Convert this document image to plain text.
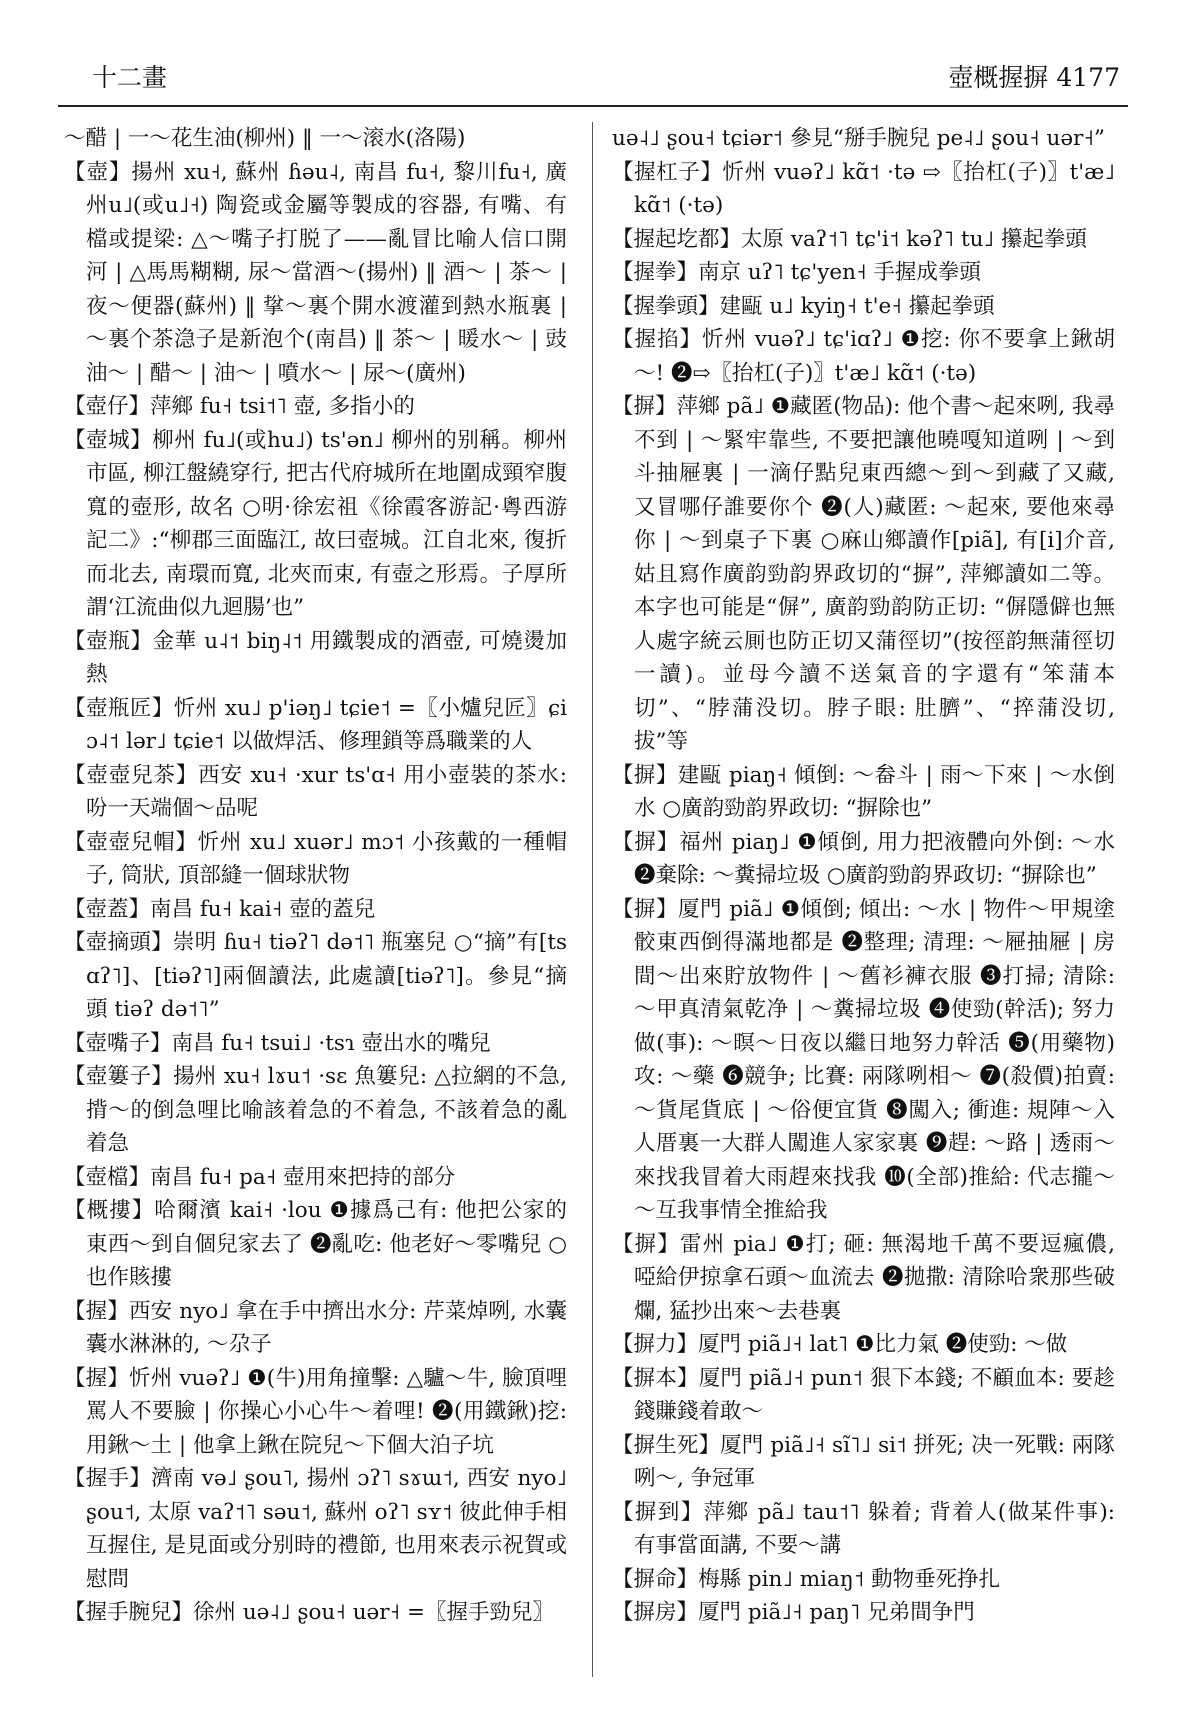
十二畫	壺概握摒 4177
～醋 | 一～花生油(柳州) ‖ 一～滚水(洛陽)
【壺】揚州 xu˧, 蘇州 ɦəu˨, 南昌 fu˧, 黎川fu˧, 廣州u˩(或u˩˧) 陶瓷或金屬等製成的容器, 有嘴、有檔或提梁: △～嘴子打脱了——亂冒比喻人信口開河 | △馬馬糊糊, 尿～當酒～(揚州) ‖ 酒～ | 茶～ | 夜～便器(蘇州) ‖ 㧳～裏个開水渡灌到熱水瓶裏 | ～裏个茶㴔子是新泡个(南昌) ‖ 茶～ | 暖水～ | 豉油～ | 醋～ | 油～ | 噴水～ | 尿～(廣州)
【壺仔】萍鄉 fu˧ tsi˦˥ 壺, 多指小的
【壺城】柳州 fu˩(或hu˩) ts'ən˩ 柳州的别稱。柳州市區, 柳江盤繞穿行, 把古代府城所在地圍成頸窄腹寬的壺形, 故名 ○明·徐宏祖《徐霞客游記·粵西游記二》:“柳郡三面臨江, 故曰壺城。江自北來, 復折而北去, 南環而寬, 北夾而束, 有壺之形焉。子厚所謂‘江流曲似九迴腸’也”
【壺瓶】金華 u˨˦ biŋ˨˦ 用鐵製成的酒壺, 可燒燙加熱
【壺瓶匠】忻州 xu˩ p'iəŋ˩ tɕie˦ =〖小爐兒匠〗ɕiɔ˨˦ lər˩ tɕie˦ 以做焊活、修理鎖等爲職業的人
【壺壺兒茶】西安 xu˧ ·xur ts'ɑ˧ 用小壺裝的茶水: 吩一天端個～品呢
【壺壺兒帽】忻州 xu˩ xuər˩ mɔ˦ 小孩戴的一種帽子, 筒狀, 頂部縫一個球狀物
【壺蓋】南昌 fu˧ kai˧ 壺的蓋兒
【壺摘頭】崇明 ɦu˧ tiəʔ˥ də˦˥ 瓶塞兒 ○“摘”有[tsɑʔ˥]、[tiəʔ˥]兩個讀法, 此處讀[tiəʔ˥]。參見“摘頭 tiəʔ də˦˥”
【壺嘴子】南昌 fu˧ tsui˩ ·tsɿ 壺出水的嘴兒
【壺簍子】揚州 xu˧ lɤu˦ ·sɛ 魚簍兒: △拉網的不急, 揹～的倒急哩比喻該着急的不着急, 不該着急的亂着急
【壺檔】南昌 fu˧ pa˧ 壺用來把持的部分
【概摟】哈爾濱 kai˧ ·lou ❶據爲己有: 他把公家的東西～到自個兒家去了 ❷亂吃: 他老好～零嘴兒 ○也作賅摟
【握】西安 nyo˩ 拿在手中擠出水分: 芹菜焯咧, 水囊囊水淋淋的, ～尕子
【握】忻州 vuəʔ˩ ❶(牛)用角撞擊: △驢～牛, 臉頂哩罵人不要臉 | 你操心小心牛～着哩! ❷(用鐵鍬)挖: 用鍬～土 | 他拿上鍬在院兒～下個大泊子坑
【握手】濟南 və˩ ʂou˥, 揚州 ɔʔ˥ sɤɯ˦, 西安 nyo˩ ʂou˦, 太原 vaʔ˦˥ səu˦, 蘇州 oʔ˥ sʏ˦ 彼此伸手相互握住, 是見面或分别時的禮節, 也用來表示祝賀或慰問
【握手腕兒】徐州 uə˨˩ ʂou˧ uər˧ =〖握手勁兒〗
uə˨˩ ʂou˧ tɕiər˦ 參見“掰手腕兒 pe˨˩ ʂou˧ uər˧”
【握杠子】忻州 vuəʔ˩ kɑ̃˦ ·tə ⇨〖抬杠(子)〗t'æ˩ kɑ̃˦ (·tə)
【握起圪都】太原 vaʔ˦˥ tɕ'i˦ kəʔ˥ tu˩ 攥起拳頭
【握拳】南京 uʔ˥ tɕ'yen˧ 手握成拳頭
【握拳頭】建甌 u˩ kyiŋ˧ t'e˧ 攥起拳頭
【握掐】忻州 vuəʔ˩ tɕ'iɑʔ˩ ❶挖: 你不要拿上鍬胡～! ❷⇨〖抬杠(子)〗t'æ˩ kɑ̃˦ (·tə)
【摒】萍鄉 pã˩ ❶藏匿(物品): 他个書～起來咧, 我尋不到 | ～緊牢靠些, 不要把讓他曉嘎知道咧 | ～到斗抽屜裏 | 一滴仔點兒東西總～到～到藏了又藏, 又冒哪仔誰要你个 ❷(人)藏匿: ～起來, 要他來尋你 | ～到桌子下裏 ○麻山鄉讀作[piã], 有[i]介音, 姑且寫作廣韵勁韵界政切的“摒”, 萍鄉讀如二等。本字也可能是“偋”, 廣韵勁韵防正切: “偋隱僻也無人處字統云厠也防正切又蒲徑切”(按徑韵無蒲徑切一讀)。並母今讀不送氣音的字還有“笨蒲本切”、“脖蒲没切。脖子眼: 肚臍”、“捽蒲没切, 拔”等
【摒】建甌 piaŋ˧ 傾倒: ～畚斗 | 雨～下來 | ～水倒水 ○廣韵勁韵界政切: “摒除也”
【摒】福州 piaŋ˩ ❶傾倒, 用力把液體向外倒: ～水 ❷棄除: ～糞掃垃圾 ○廣韵勁韵界政切: “摒除也”
【摒】厦門 piã˩ ❶傾倒; 傾出: ～水 | 物件～甲規塗骹東西倒得滿地都是 ❷整理; 清理: ～屜抽屜 | 房間～出來貯放物件 | ～舊衫褲衣服 ❸打掃; 清除: ～甲真清氣乾净 | ～糞掃垃圾 ❹使勁(幹活); 努力做(事): ～暝～日夜以繼日地努力幹活 ❺(用藥物)攻: ～藥 ❻競争; 比賽: 兩隊咧相～ ❼(殺價)拍賣: ～貨尾貨底 | ～俗便宜貨 ❽闖入; 衝進: 規陣～入人厝裏一大群人闖進人家家裏 ❾趕: ～路 | 透雨～來找我冒着大雨趕來找我 ❿(全部)推給: 代志攏～～互我事情全推給我
【摒】雷州 pia˩ ❶打; 砸: 無渴地千萬不要逗瘋儂, 啞給伊掠拿石頭～血流去 ❷拋撒: 清除哈衆那些破爛, 猛抄出來～去巷裏
【摒力】厦門 piã˩˧ lat˥ ❶比力氣 ❷使勁: ～做
【摒本】厦門 piã˩˧ pun˦ 狠下本錢; 不顧血本: 要趁錢賺錢着敢～
【摒生死】厦門 piã˩˧ sĩ˥˩ si˦ 拼死; 决一死戰: 兩隊咧～, 争冠軍
【摒到】萍鄉 pã˩ tau˦˥ 躲着; 背着人(做某件事): 有事當面講, 不要～講
【摒命】梅縣 pin˩ miaŋ˦ 動物垂死挣扎
【摒房】厦門 piã˩˧ paŋ˥ 兄弟間争門
